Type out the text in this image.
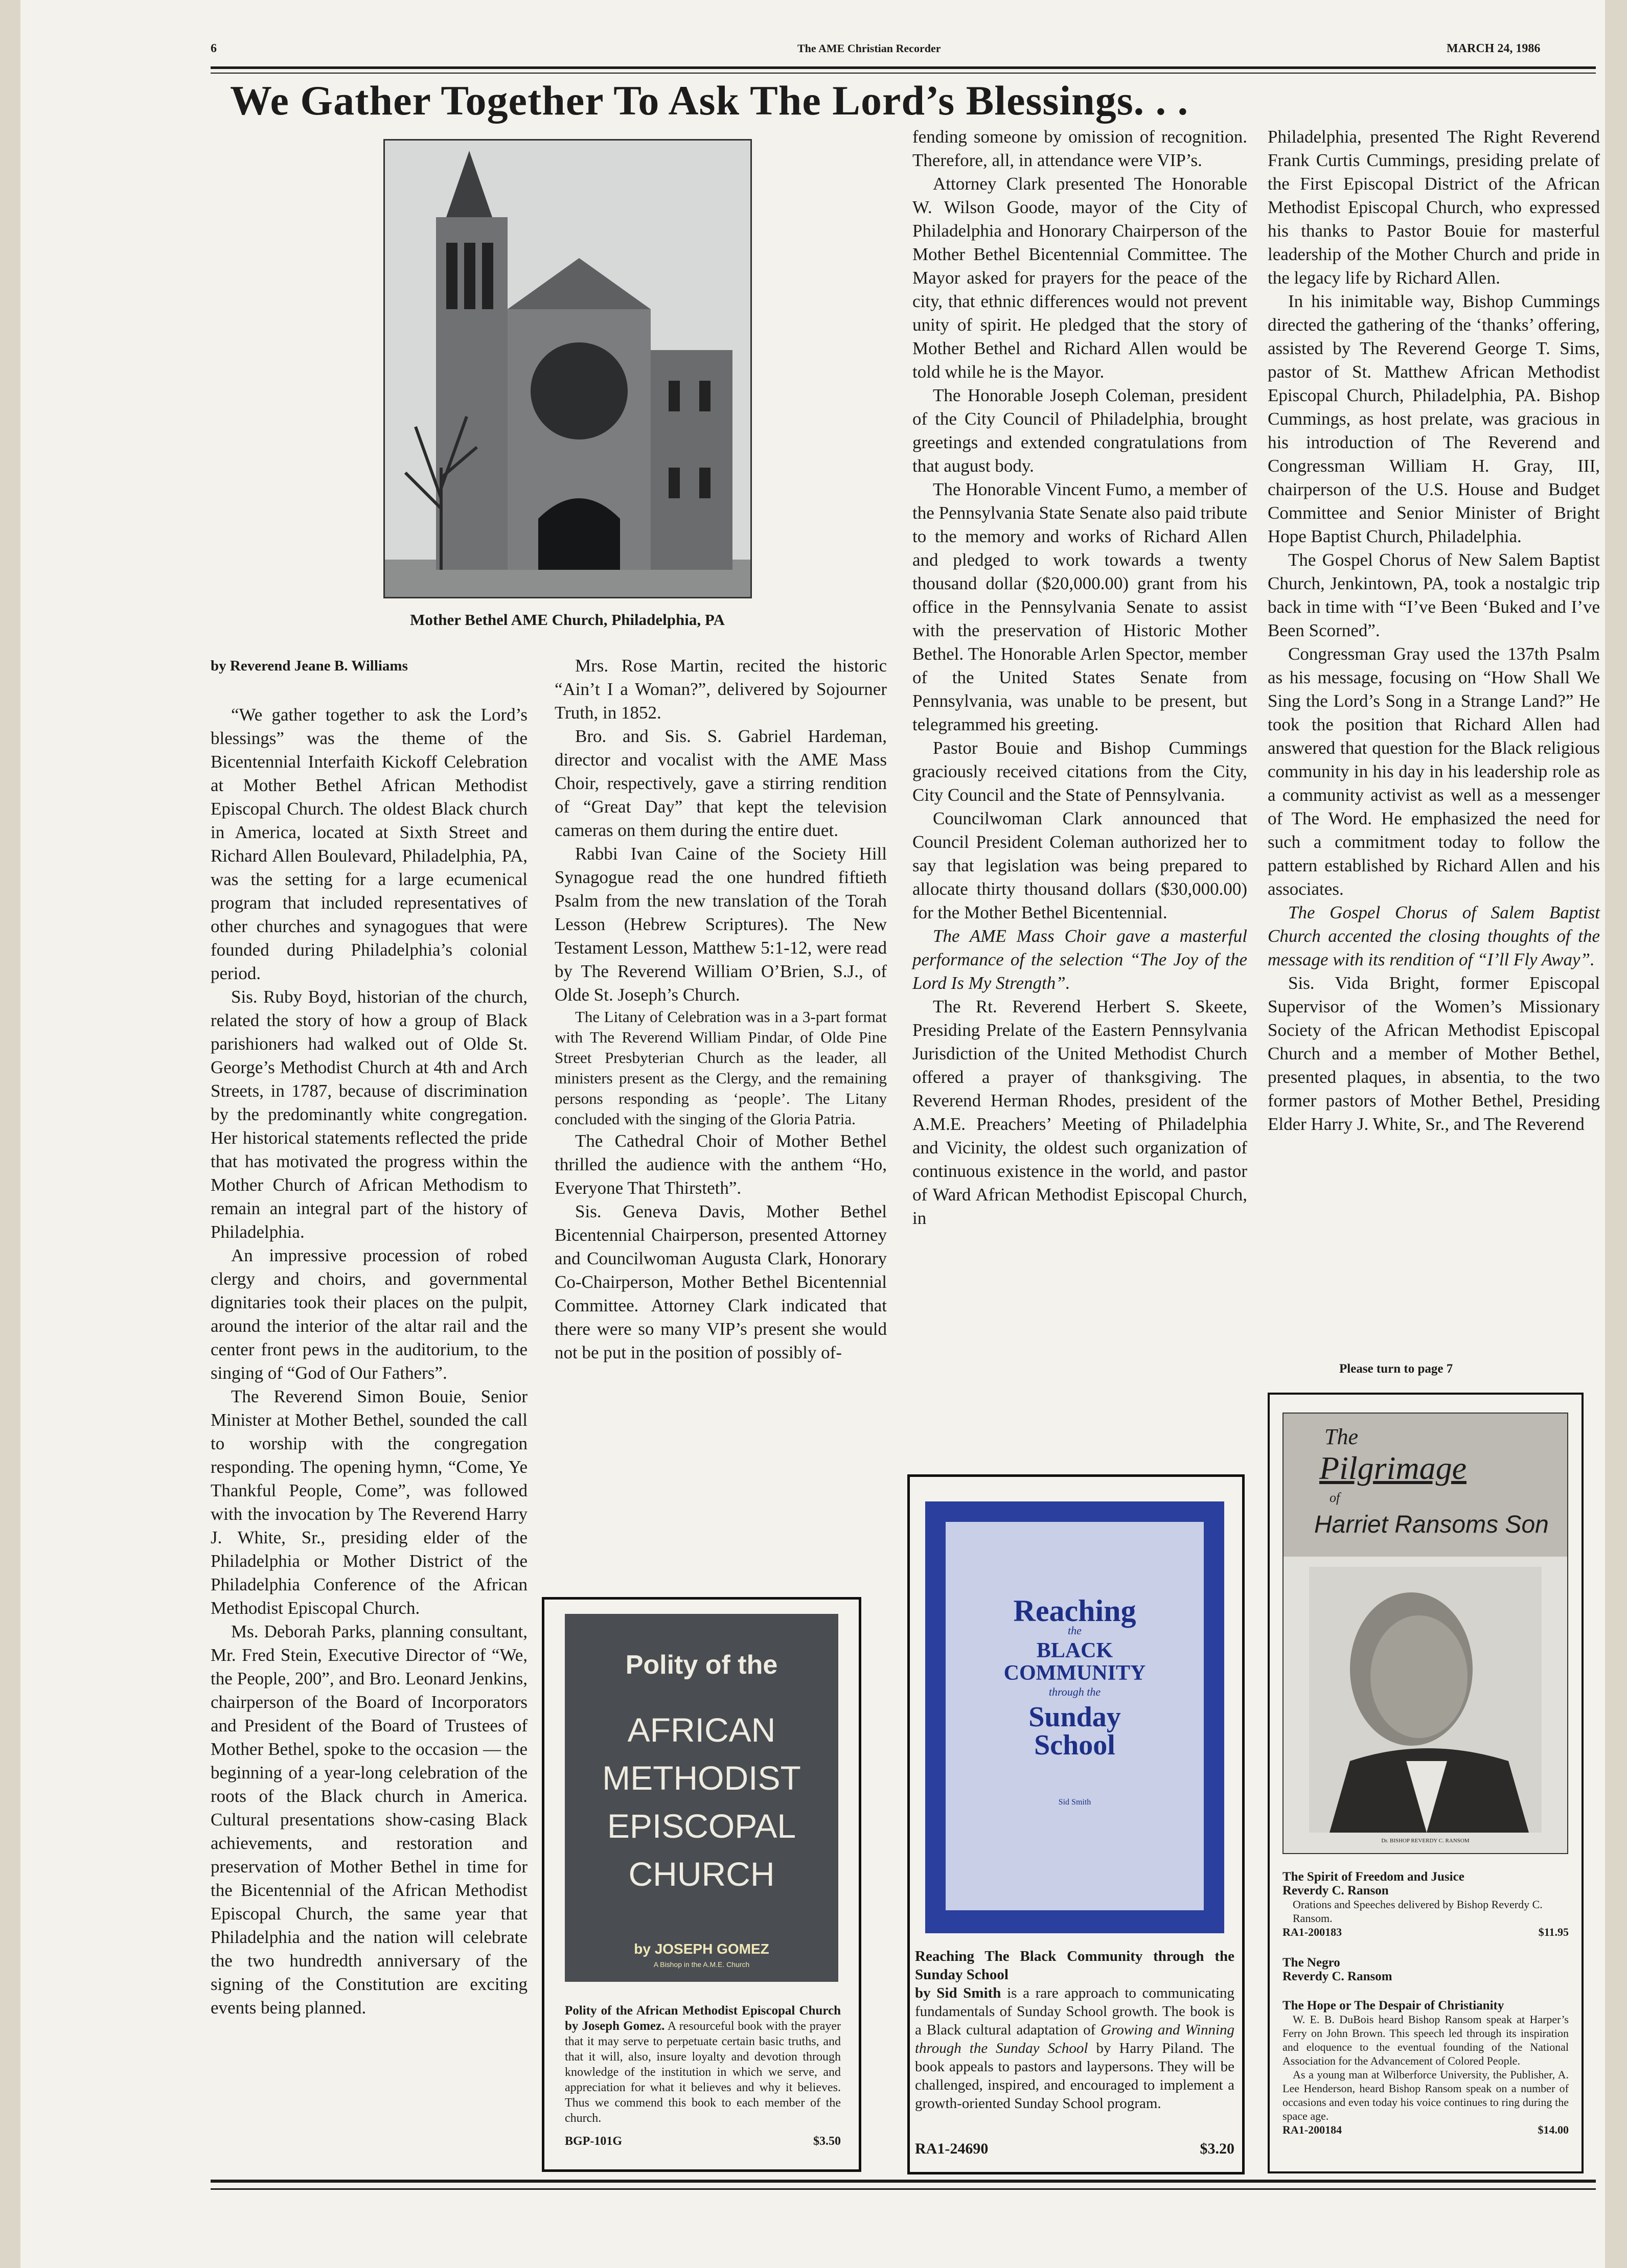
6	The AME Christian Recorder	MARCH 24, 1986
We Gather Together To Ask The Lord’s Blessings. . .
Mother Bethel AME Church, Philadelphia, PA
by Reverend Jeane B. Williams

“We gather together to ask the Lord’s blessings” was the theme of the Bicentennial Interfaith Kickoff Celebration at Mother Bethel African Methodist Episcopal Church. The oldest Black church in America, located at Sixth Street and Richard Allen Boulevard, Philadelphia, PA, was the setting for a large ecumenical program that included representatives of other churches and synagogues that were founded during Philadelphia’s colonial period.

Sis. Ruby Boyd, historian of the church, related the story of how a group of Black parishioners had walked out of Olde St. George’s Methodist Church at 4th and Arch Streets, in 1787, because of discrimination by the predominantly white congregation. Her historical statements reflected the pride that has motivated the progress within the Mother Church of African Methodism to remain an integral part of the history of Philadelphia.

An impressive procession of robed clergy and choirs, and governmental dignitaries took their places on the pulpit, around the interior of the altar rail and the center front pews in the auditorium, to the singing of “God of Our Fathers”.

The Reverend Simon Bouie, Senior Minister at Mother Bethel, sounded the call to worship with the congregation responding. The opening hymn, “Come, Ye Thankful People, Come”, was followed with the invocation by The Reverend Harry J. White, Sr., presiding elder of the Philadelphia or Mother District of the Philadelphia Conference of the African Methodist Episcopal Church.

Ms. Deborah Parks, planning consultant, Mr. Fred Stein, Executive Director of “We, the People, 200”, and Bro. Leonard Jenkins, chairperson of the Board of Incorporators and President of the Board of Trustees of Mother Bethel, spoke to the occasion — the beginning of a year-long celebration of the roots of the Black church in America. Cultural presentations show-casing Black achievements, and restoration and preservation of Mother Bethel in time for the Bicentennial of the African Methodist Episcopal Church, the same year that Philadelphia and the nation will celebrate the two hundredth anniversary of the signing of the Constitution are exciting events being planned.

Mrs. Rose Martin, recited the historic “Ain’t I a Woman?”, delivered by Sojourner Truth, in 1852.

Bro. and Sis. S. Gabriel Hardeman, director and vocalist with the AME Mass Choir, respectively, gave a stirring rendition of “Great Day” that kept the television cameras on them during the entire duet.

Rabbi Ivan Caine of the Society Hill Synagogue read the one hundred fiftieth Psalm from the new translation of the Torah Lesson (Hebrew Scriptures). The New Testament Lesson, Matthew 5:1-12, were read by The Reverend William O’Brien, S.J., of Olde St. Joseph’s Church.

The Litany of Celebration was in a 3-part format with The Reverend William Pindar, of Olde Pine Street Presbyterian Church as the leader, all ministers present as the Clergy, and the remaining persons responding as ‘people’. The Litany concluded with the singing of the Gloria Patria.

The Cathedral Choir of Mother Bethel thrilled the audience with the anthem “Ho, Everyone That Thirsteth”.

Sis. Geneva Davis, Mother Bethel Bicentennial Chairperson, presented Attorney and Councilwoman Augusta Clark, Honorary Co-Chairperson, Mother Bethel Bicentennial Committee. Attorney Clark indicated that there were so many VIP’s present she would not be put in the position of possibly of-

fending someone by omission of recognition. Therefore, all, in attendance were VIP’s.

Attorney Clark presented The Honorable W. Wilson Goode, mayor of the City of Philadelphia and Honorary Chairperson of the Mother Bethel Bicentennial Committee. The Mayor asked for prayers for the peace of the city, that ethnic differences would not prevent unity of spirit. He pledged that the story of Mother Bethel and Richard Allen would be told while he is the Mayor.

The Honorable Joseph Coleman, president of the City Council of Philadelphia, brought greetings and extended congratulations from that august body.

The Honorable Vincent Fumo, a member of the Pennsylvania State Senate also paid tribute to the memory and works of Richard Allen and pledged to work towards a twenty thousand dollar ($20,000.00) grant from his office in the Pennsylvania Senate to assist with the preservation of Historic Mother Bethel. The Honorable Arlen Spector, member of the United States Senate from Pennsylvania, was unable to be present, but telegrammed his greeting.

Pastor Bouie and Bishop Cummings graciously received citations from the City, City Council and the State of Pennsylvania.

Councilwoman Clark announced that Council President Coleman authorized her to say that legislation was being prepared to allocate thirty thousand dollars ($30,000.00) for the Mother Bethel Bicentennial.

The AME Mass Choir gave a masterful performance of the selection “The Joy of the Lord Is My Strength”.

The Rt. Reverend Herbert S. Skeete, Presiding Prelate of the Eastern Pennsylvania Jurisdiction of the United Methodist Church offered a prayer of thanksgiving. The Reverend Herman Rhodes, president of the A.M.E. Preachers’ Meeting of Philadelphia and Vicinity, the oldest such organization of continuous existence in the world, and pastor of Ward African Methodist Episcopal Church, in

Philadelphia, presented The Right Reverend Frank Curtis Cummings, presiding prelate of the First Episcopal District of the African Methodist Episcopal Church, who expressed his thanks to Pastor Bouie for masterful leadership of the Mother Church and pride in the legacy life by Richard Allen.

In his inimitable way, Bishop Cummings directed the gathering of the ‘thanks’ offering, assisted by The Reverend George T. Sims, pastor of St. Matthew African Methodist Episcopal Church, Philadelphia, PA. Bishop Cummings, as host prelate, was gracious in his introduction of The Reverend and Congressman William H. Gray, III, chairperson of the U.S. House and Budget Committee and Senior Minister of Bright Hope Baptist Church, Philadelphia.

The Gospel Chorus of New Salem Baptist Church, Jenkintown, PA, took a nostalgic trip back in time with “I’ve Been ‘Buked and I’ve Been Scorned”.

Congressman Gray used the 137th Psalm as his message, focusing on “How Shall We Sing the Lord’s Song in a Strange Land?” He took the position that Richard Allen had answered that question for the Black religious community in his day in his leadership role as a community activist as well as a messenger of The Word. He emphasized the need for such a commitment today to follow the pattern established by Richard Allen and his associates.

The Gospel Chorus of Salem Baptist Church accented the closing thoughts of the message with its rendition of “I’ll Fly Away”.

Sis. Vida Bright, former Episcopal Supervisor of the Women’s Missionary Society of the African Methodist Episcopal Church and a member of Mother Bethel, presented plaques, in absentia, to the two former pastors of Mother Bethel, Presiding Elder Harry J. White, Sr., and The Reverend

Please turn to page 7
Polity of the
AFRICAN
METHODIST
EPISCOPAL
CHURCH
by JOSEPH GOMEZ
A Bishop in the A.M.E. Church
Polity of the African Methodist Episcopal Church by Joseph Gomez. A resourceful book with the prayer that it may serve to perpetuate certain basic truths, and that it will, also, insure loyalty and devotion through knowledge of the institution in which we serve, and appreciation for what it believes and why it believes. Thus we commend this book to each member of the church.
BGP-101G	$3.50
Reaching
the
BLACK
COMMUNITY
through the
Sunday
School
Sid Smith
Reaching The Black Community through the Sunday School
by Sid Smith is a rare approach to communicating fundamentals of Sunday School growth. The book is a Black cultural adaptation of Growing and Winning through the Sunday School by Harry Piland. The book appeals to pastors and laypersons. They will be challenged, inspired, and encouraged to implement a growth-oriented Sunday School program.
RA1-24690	$3.20
The
Pilgrimage
of
Harriet Ransoms Son
Dr. BISHOP REVERDY C. RANSOM
The Spirit of Freedom and Jusice
Reverdy C. Ranson
Orations and Speeches delivered by Bishop Reverdy C. Ransom.
RA1-200183	$11.95
The Negro
Reverdy C. Ransom
The Hope or The Despair of Christianity
W. E. B. DuBois heard Bishop Ransom speak at Harper’s Ferry on John Brown. This speech led through its inspiration and eloquence to the eventual founding of the National Association for the Advancement of Colored People.
As a young man at Wilberforce University, the Publisher, A. Lee Henderson, heard Bishop Ransom speak on a number of occasions and even today his voice continues to ring during the space age.
RA1-200184	$14.00
